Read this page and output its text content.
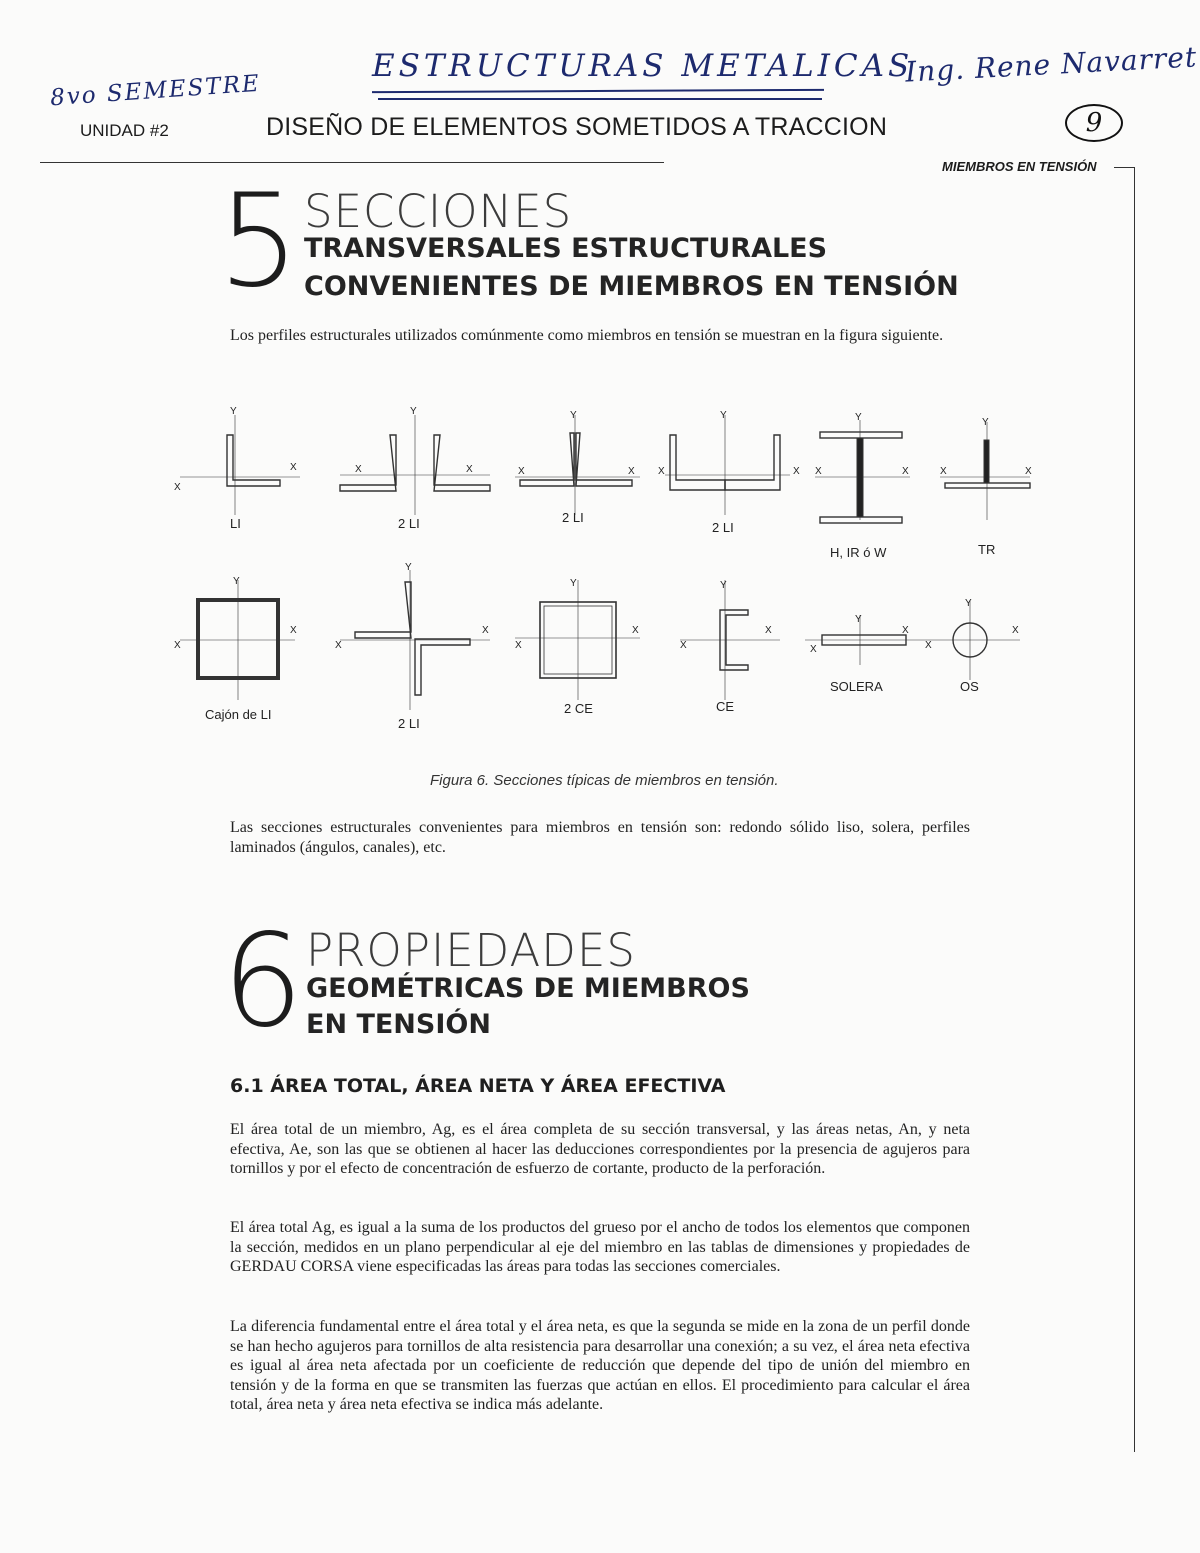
8vo SEMESTRE
ESTRUCTURAS METALICAS
Ing. Rene Navarret
9
UNIDAD #2	DISEÑO DE ELEMENTOS SOMETIDOS A TRACCION
MIEMBROS EN TENSIÓN
5 SECCIONES
TRANSVERSALES ESTRUCTURALES
CONVENIENTES DE MIEMBROS EN TENSIÓN
Los perfiles estructurales utilizados comúnmente como miembros en tensión se muestran en la figura siguiente.
X
X
Y
X	X
Y
X	X
Y
X	X
Y
X	X
Y
X	X
Y
X
X
Y
X
X
Y
X
X
Y
X
X
Y
X
X
Y
X
X
Y
LI	2 LI	2 LI
2 LI
H, IR ó W	TR
Cajón de LI
2 LI
2 CE	CE
SOLERA	OS
Figura 6. Secciones típicas de miembros en tensión.
Las secciones estructurales convenientes para miembros en tensión son: redondo sólido liso, solera, perfiles laminados (ángulos, canales), etc.
6 PROPIEDADES
GEOMÉTRICAS DE MIEMBROS
EN TENSIÓN
6.1 ÁREA TOTAL, ÁREA NETA Y ÁREA EFECTIVA
El área total de un miembro, Ag, es el área completa de su sección transversal, y las áreas netas, An, y neta efectiva, Ae, son las que se obtienen al hacer las deducciones correspondientes por la presencia de agujeros para tornillos y por el efecto de concentración de esfuerzo de cortante, producto de la perforación.
El área total Ag, es igual a la suma de los productos del grueso por el ancho de todos los elementos que componen la sección, medidos en un plano perpendicular al eje del miembro en las tablas de dimensiones y propiedades de GERDAU CORSA viene especificadas las áreas para todas las secciones comerciales.
La diferencia fundamental entre el área total y el área neta, es que la segunda se mide en la zona de un perfil donde se han hecho agujeros para tornillos de alta resistencia para desarrollar una conexión; a su vez, el área neta efectiva es igual al área neta afectada por un coeficiente de reducción que depende del tipo de unión del miembro en tensión y de la forma en que se transmiten las fuerzas que actúan en ellos. El procedimiento para calcular el área total, área neta y área neta efectiva se indica más adelante.
